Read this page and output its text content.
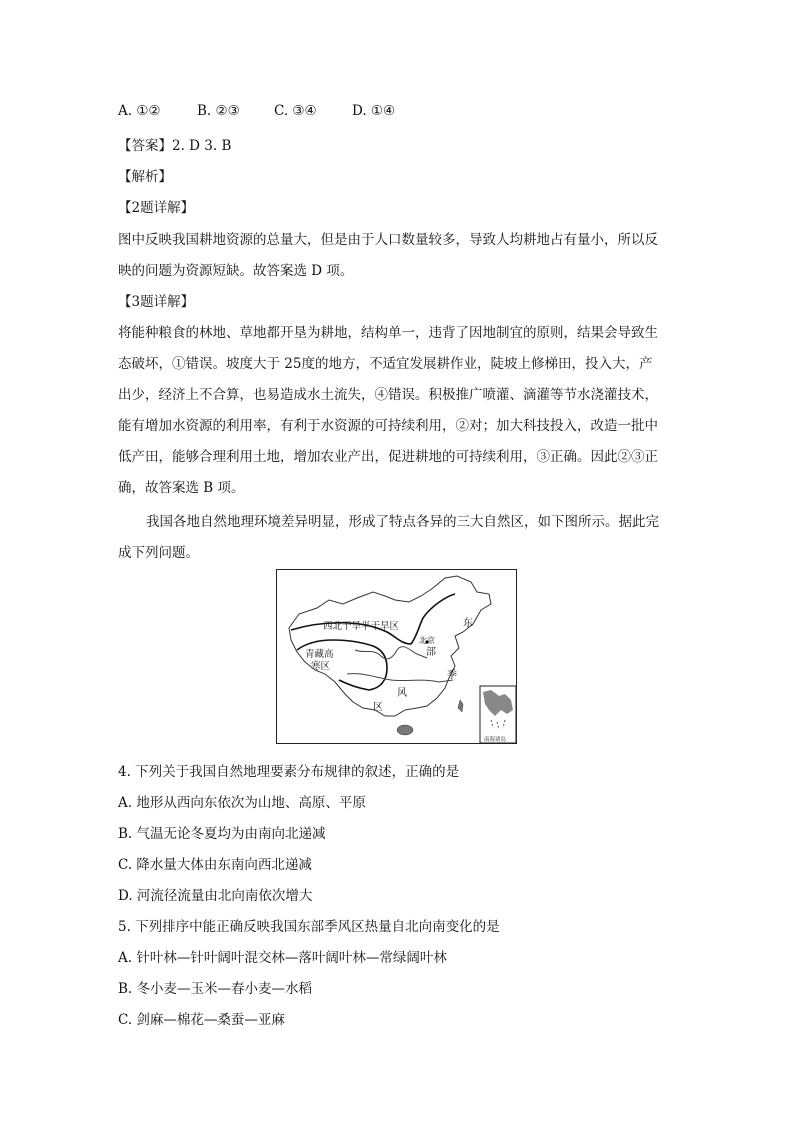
A. ①②	B. ②③	C. ③④	D. ①④
【答案】2. D 3. B
【解析】
【2题详解】
图中反映我国耕地资源的总量大，但是由于人口数量较多，导致人均耕地占有量小，所以反
映的问题为资源短缺。故答案选 D 项。
【3题详解】
将能种粮食的林地、草地都开垦为耕地，结构单一，违背了因地制宜的原则，结果会导致生
态破坏，①错误。坡度大于 25度的地方，不适宜发展耕作业，陡坡上修梯田，投入大，产
出少，经济上不合算，也易造成水土流失，④错误。积极推广喷灌、滴灌等节水浇灌技术，
能有增加水资源的利用率，有利于水资源的可持续利用，②对；加大科技投入，改造一批中
低产田，能够合理利用土地，增加农业产出，促进耕地的可持续利用，③正确。因此②③正
确，故答案选 B 项。
我国各地自然地理环境差异明显，形成了特点各异的三大自然区，如下图所示。据此完
成下列问题。
西北干旱半干旱区
青藏高
寒区
北京
东
部
季
风
区
南海诸岛
4. 下列关于我国自然地理要素分布规律的叙述，正确的是
A. 地形从西向东依次为山地、高原、平原
B. 气温无论冬夏均为由南向北递减
C. 降水量大体由东南向西北递减
D. 河流径流量由北向南依次增大
5. 下列排序中能正确反映我国东部季风区热量自北向南变化的是
A. 针叶林—针叶阔叶混交林—落叶阔叶林—常绿阔叶林
B. 冬小麦—玉米—春小麦—水稻
C. 剑麻—棉花—桑蚕—亚麻
